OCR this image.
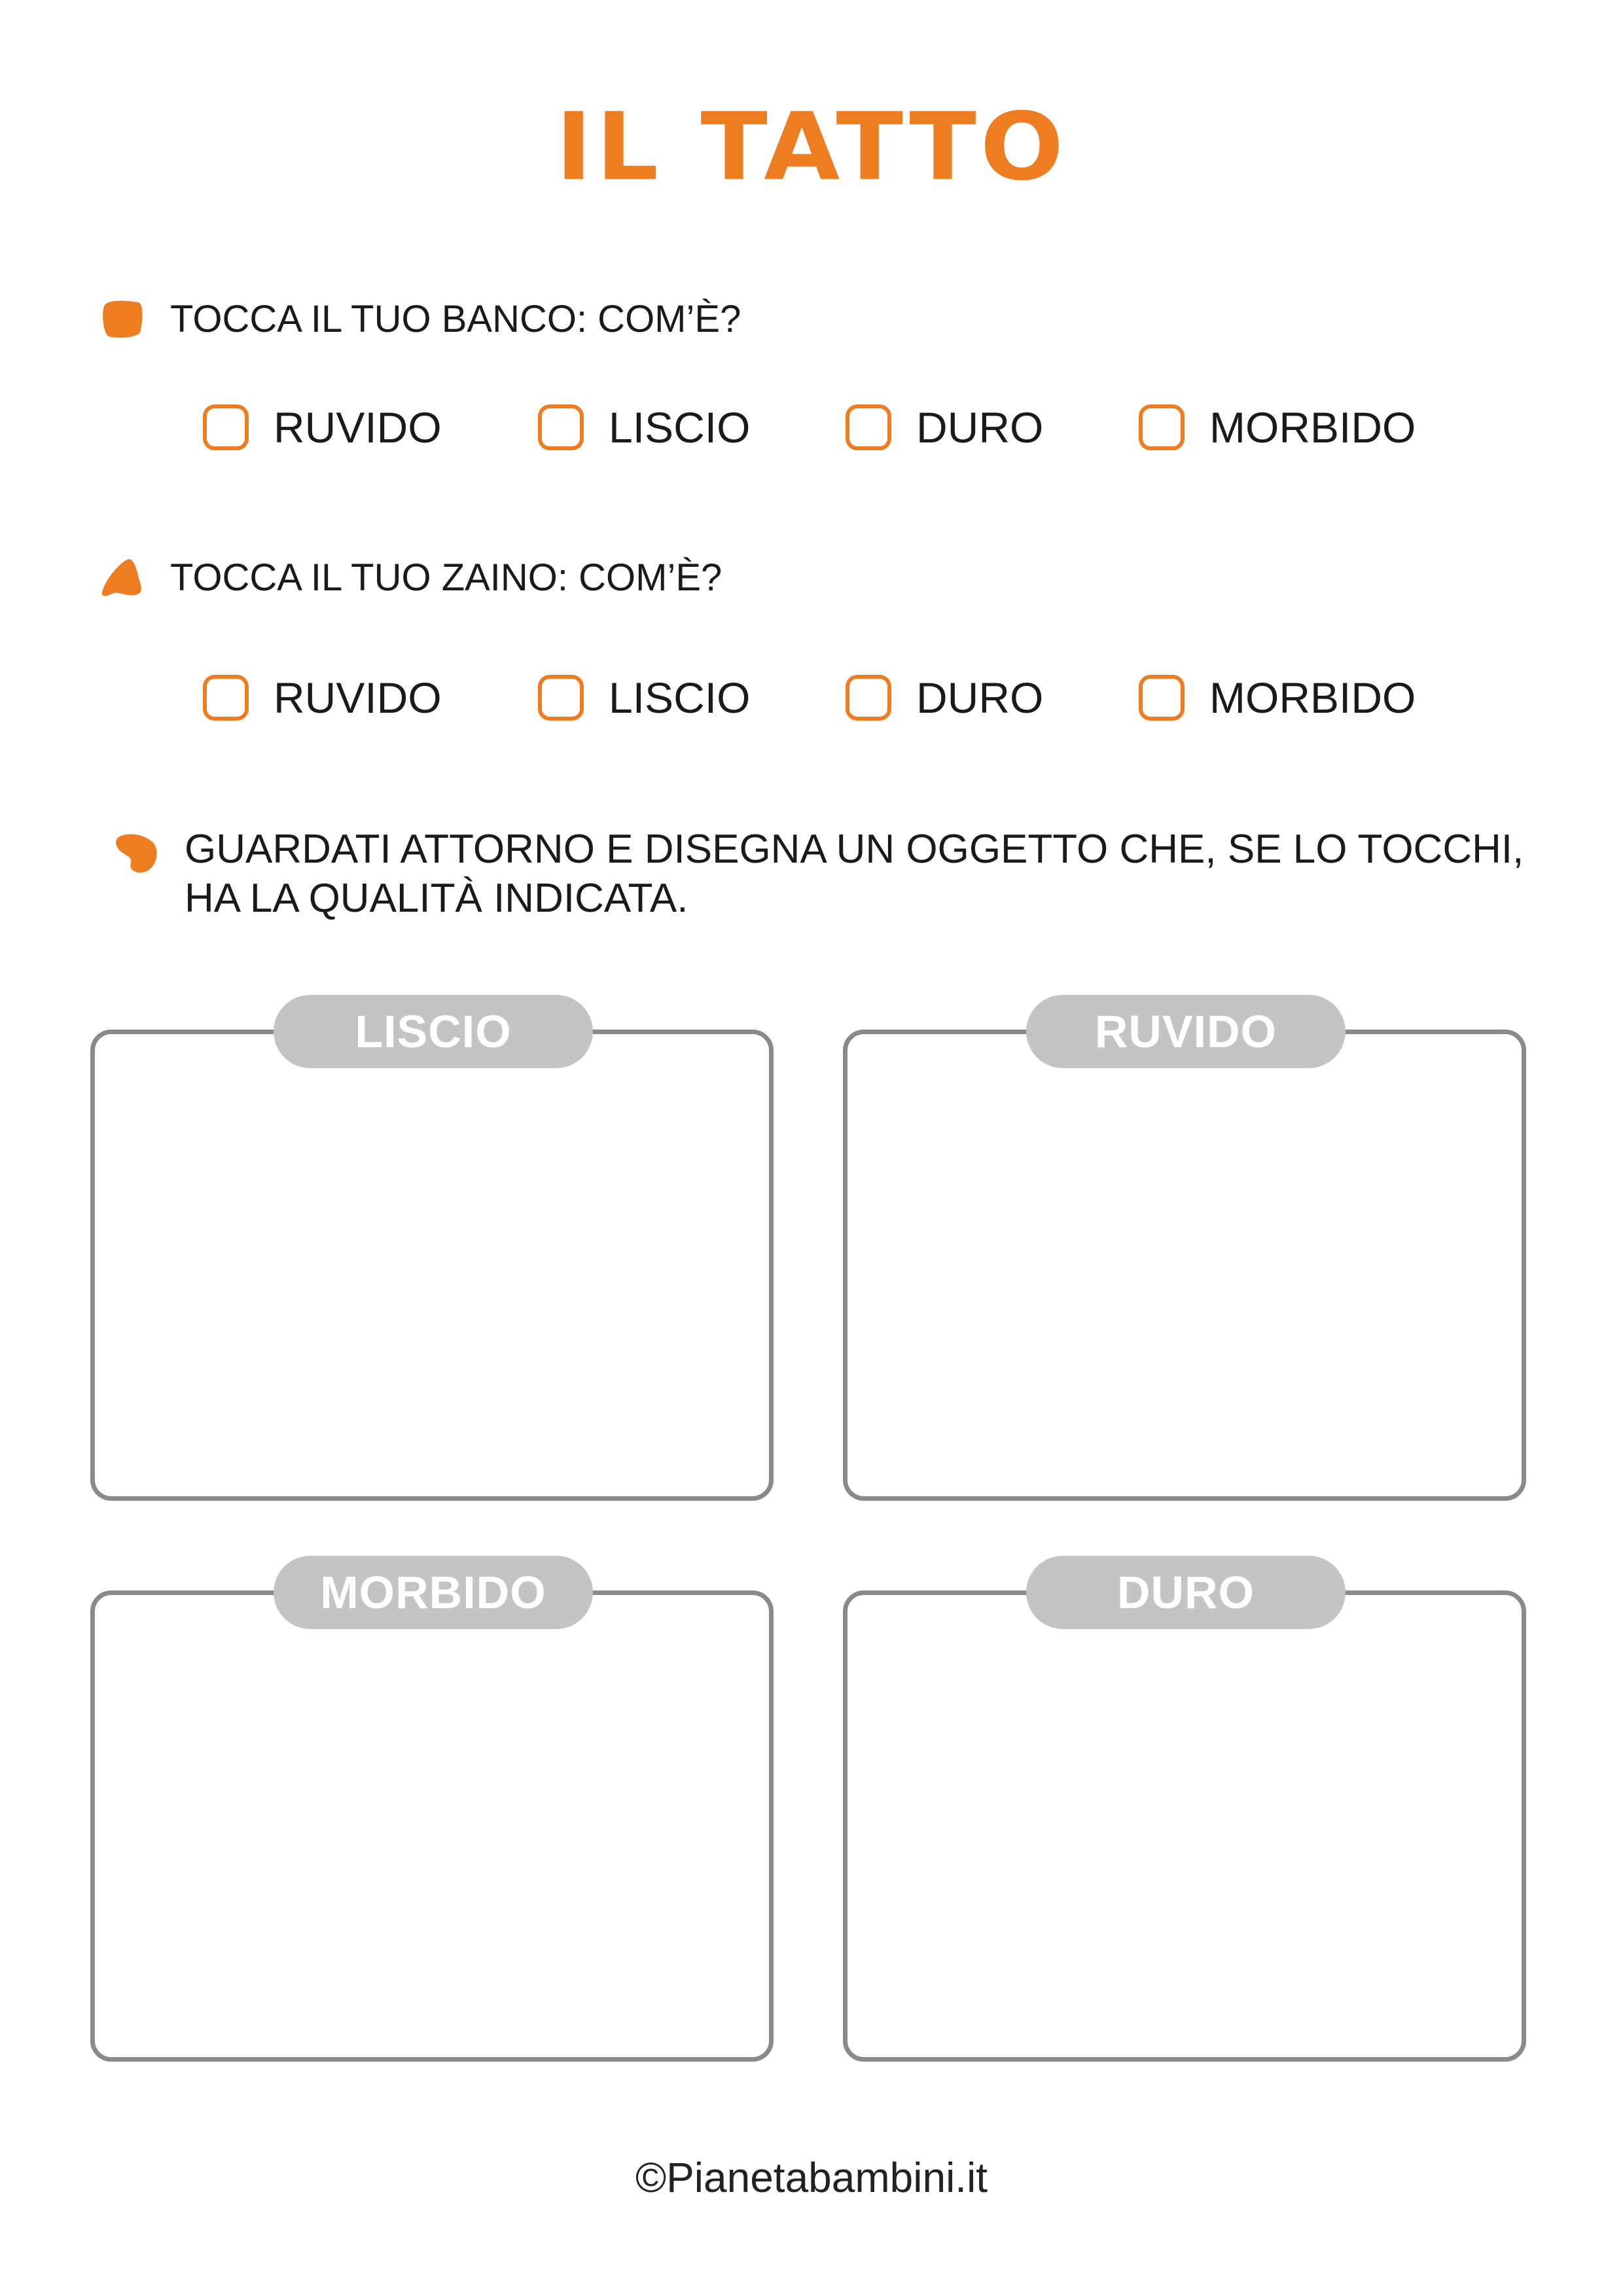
IL TATTO
TOCCA IL TUO BANCO: COM’È?
RUVIDO	LISCIO	DURO	MORBIDO
TOCCA IL TUO ZAINO: COM’È?
RUVIDO	LISCIO	DURO	MORBIDO
GUARDATI ATTORNO E DISEGNA UN OGGETTO CHE, SE LO TOCCHI,
HA LA QUALITÀ INDICATA.
LISCIO	RUVIDO
MORBIDO	DURO
©Pianetabambini.it
